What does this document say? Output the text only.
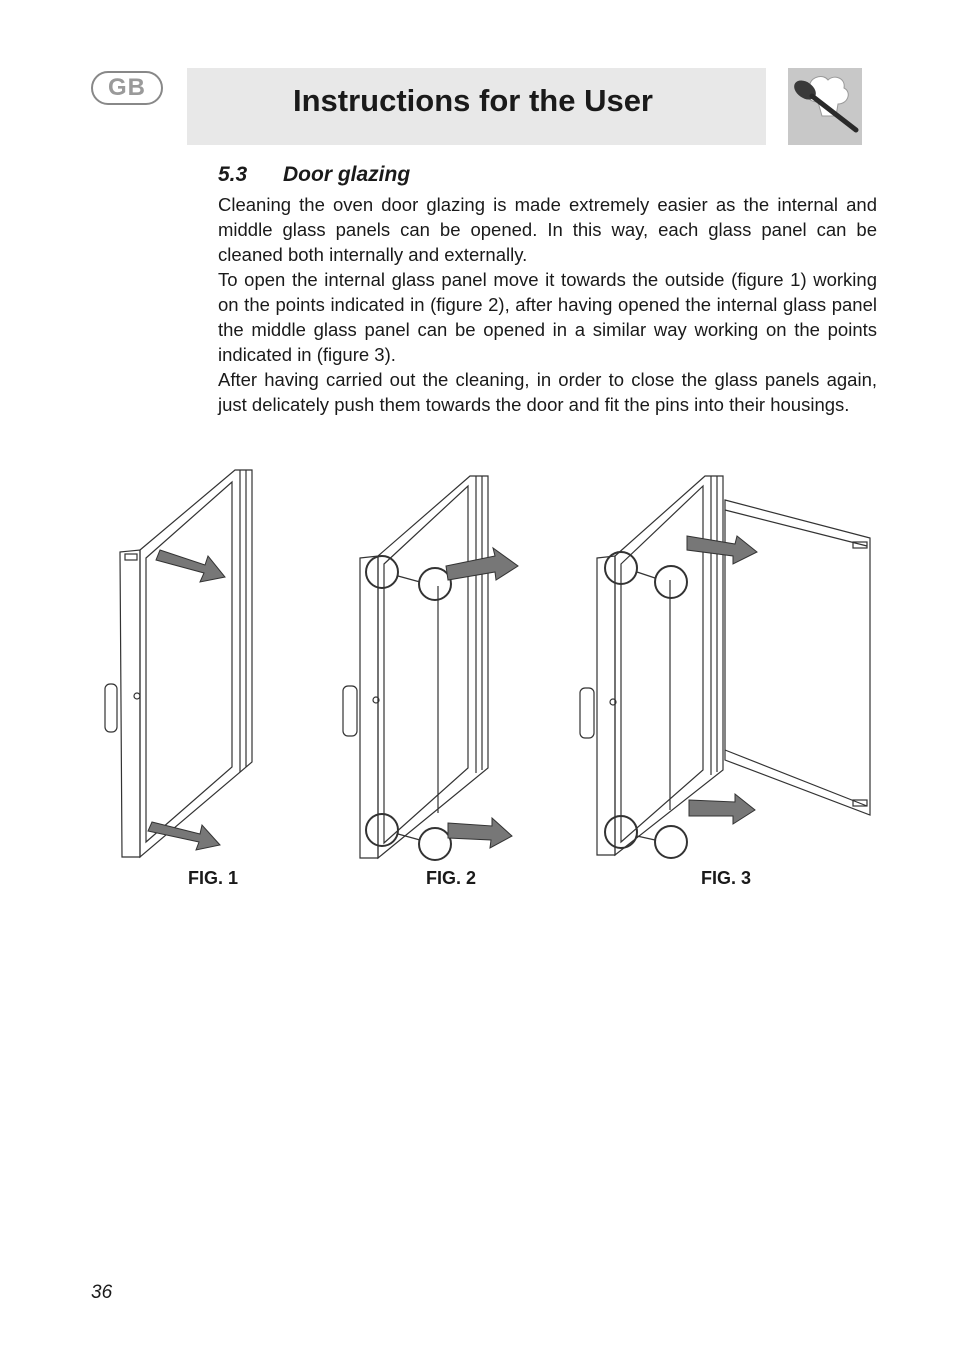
GB	Instructions for the User
5.3 Door glazing

Cleaning the oven door glazing is made extremely easier as the internal and middle glass panels can be opened. In this way, each glass panel can be cleaned both internally and externally.

To open the internal glass panel move it towards the outside (figure 1) working on the points indicated in (figure 2), after having opened the internal glass panel the middle glass panel can be opened in a similar way working on the points indicated in (figure 3).

After having carried out the cleaning, in order to close the glass panels again, just delicately push them towards the door and fit the pins into their housings.

FIG. 1	FIG. 2	FIG. 3
36
